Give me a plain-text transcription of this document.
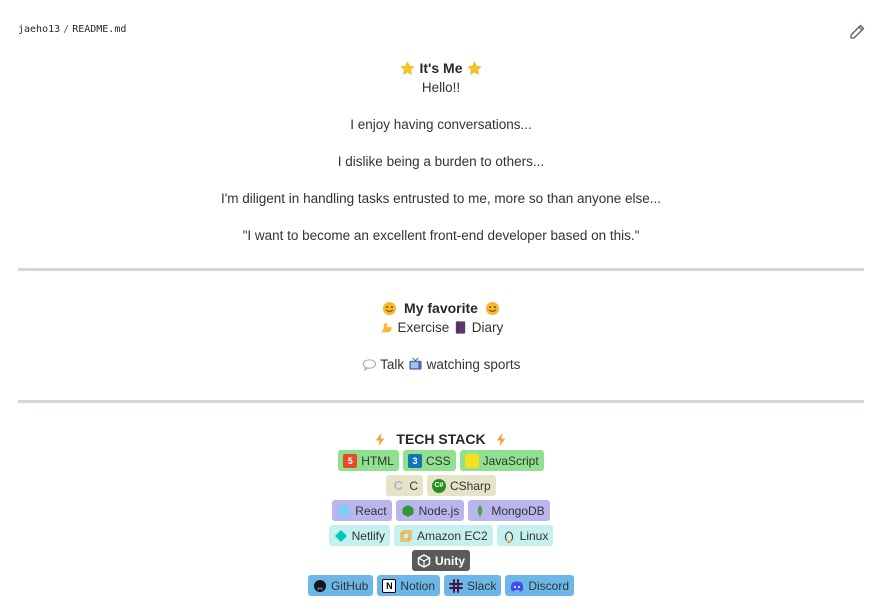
jaeho13 / README.md
It's Me
Hello!!
I enjoy having conversations...
I dislike being a burden to others...
I'm diligent in handling tasks entrusted to me, more so than anyone else...
"I want to become an excellent front-end developer based on this."
My favorite
Exercise Diary
Talk watching sports
TECH STACK
5 HTML	3 CSS	JavaScript
C C	C# CSharp
React	Node.js	MongoDB
Netlify	Amazon EC2	Linux
Unity
GitHub	N Notion	Slack	Discord
